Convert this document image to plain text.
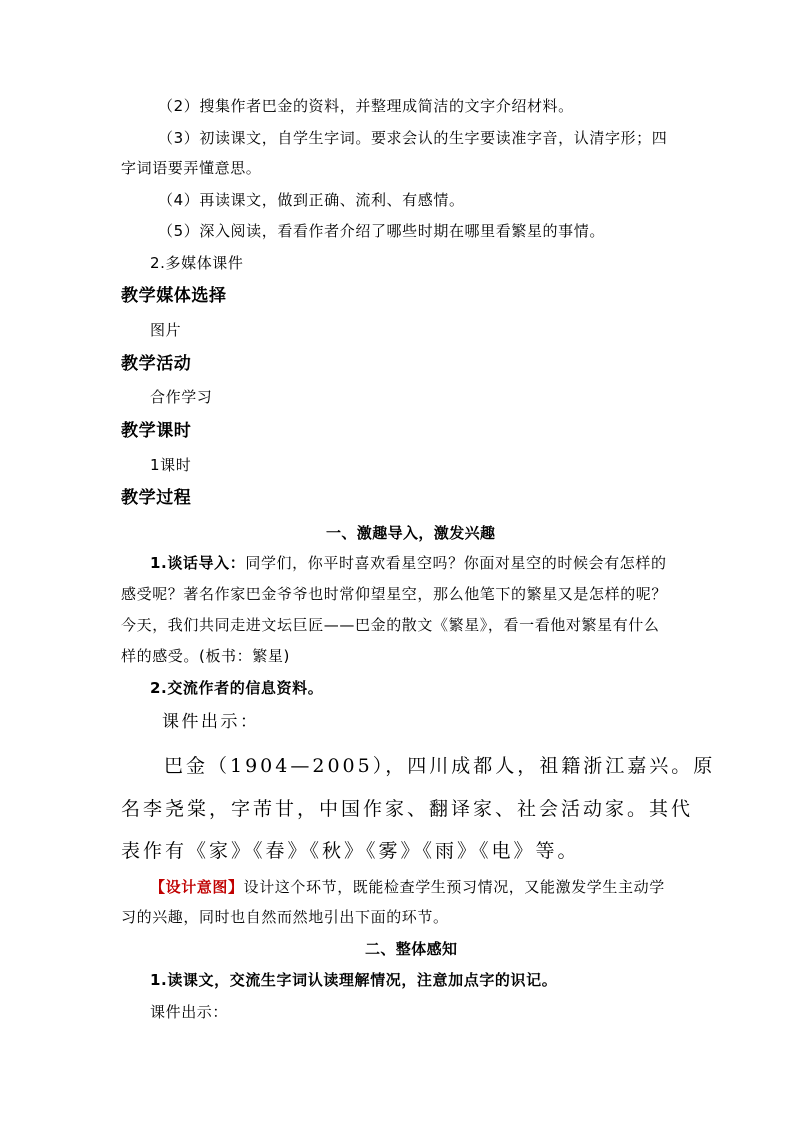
（2）搜集作者巴金的资料，并整理成简洁的文字介绍材料。
（3）初读课文，自学生字词。要求会认的生字要读准字音，认清字形；四
字词语要弄懂意思。
（4）再读课文，做到正确、流利、有感情。
（5）深入阅读，看看作者介绍了哪些时期在哪里看繁星的事情。
2.多媒体课件
教学媒体选择
图片
教学活动
合作学习
教学课时
1课时
教学过程
一、激趣导入，激发兴趣
1.谈话导入：同学们，你平时喜欢看星空吗？你面对星空的时候会有怎样的
感受呢？著名作家巴金爷爷也时常仰望星空，那么他笔下的繁星又是怎样的呢？
今天，我们共同走进文坛巨匠——巴金的散文《繁星》，看一看他对繁星有什么
样的感受。(板书：繁星)
2.交流作者的信息资料。
课件出示：
巴金（1904—2005），四川成都人，祖籍浙江嘉兴。原
名李尧棠，字芾甘，中国作家、翻译家、社会活动家。其代
表作有《家》《春》《秋》《雾》《雨》《电》等。
【设计意图】设计这个环节，既能检查学生预习情况，又能激发学生主动学
习的兴趣，同时也自然而然地引出下面的环节。
二、整体感知
1.读课文，交流生字词认读理解情况，注意加点字的识记。
课件出示：
